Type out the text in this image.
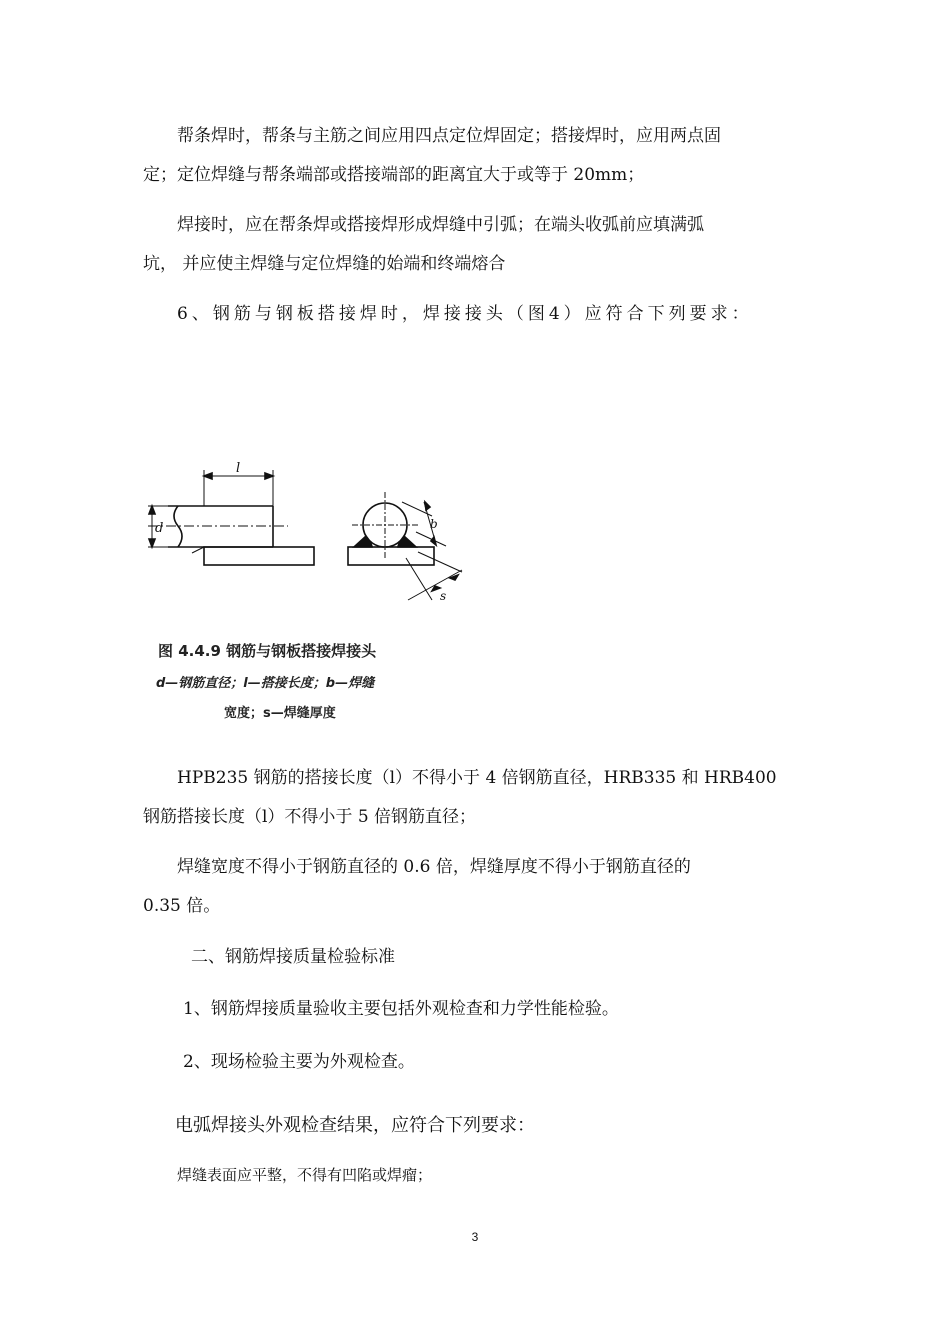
帮条焊时，帮条与主筋之间应用四点定位焊固定；搭接焊时，应用两点固
定；定位焊缝与帮条端部或搭接端部的距离宜大于或等于 20mm；
焊接时，应在帮条焊或搭接焊形成焊缝中引弧；在端头收弧前应填满弧
坑， 并应使主焊缝与定位焊缝的始端和终端熔合
6、钢筋与钢板搭接焊时，焊接接头（图4）应符合下列要求：
l
d	b
s
图 4.4.9 钢筋与钢板搭接焊接头
d—钢筋直径；l—搭接长度；b—焊缝
宽度；s—焊缝厚度
HPB235 钢筋的搭接长度（l）不得小于 4 倍钢筋直径，HRB335 和 HRB400
钢筋搭接长度（l）不得小于 5 倍钢筋直径；
焊缝宽度不得小于钢筋直径的 0.6 倍，焊缝厚度不得小于钢筋直径的
0.35 倍。
二、钢筋焊接质量检验标准
1、钢筋焊接质量验收主要包括外观检查和力学性能检验。
2、现场检验主要为外观检查。
电弧焊接头外观检查结果，应符合下列要求：
焊缝表面应平整，不得有凹陷或焊瘤；
3
